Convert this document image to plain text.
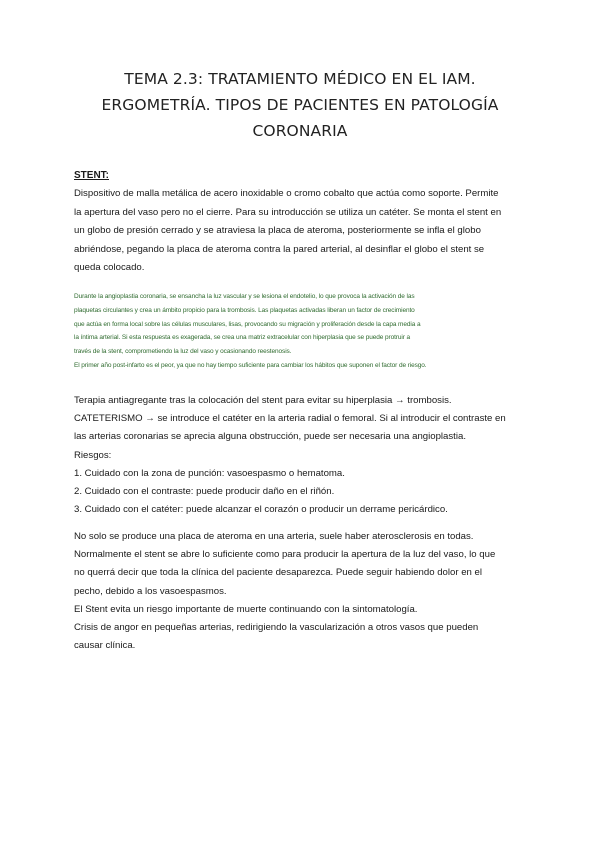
TEMA 2.3: TRATAMIENTO MÉDICO EN EL IAM.
ERGOMETRÍA. TIPOS DE PACIENTES EN PATOLOGÍA
CORONARIA
STENT:
Dispositivo de malla metálica de acero inoxidable o cromo cobalto que actúa como soporte. Permite
la apertura del vaso pero no el cierre. Para su introducción se utiliza un catéter. Se monta el stent en
un globo de presión cerrado y se atraviesa la placa de ateroma, posteriormente se infla el globo
abriéndose, pegando la placa de ateroma contra la pared arterial, al desinflar el globo el stent se
queda colocado.
Durante la angioplastia coronaria, se ensancha la luz vascular y se lesiona el endotelio, lo que provoca la activación de las
plaquetas circulantes y crea un ámbito propicio para la trombosis. Las plaquetas activadas liberan un factor de crecimiento
que actúa en forma local sobre las células musculares, lisas, provocando su migración y proliferación desde la capa media a
la íntima arterial. Si esta respuesta es exagerada, se crea una matriz extracelular con hiperplasia que se puede protruir a
través de la stent, comprometiendo la luz del vaso y ocasionando reestenosis.
El primer año post-infarto es el peor, ya que no hay tiempo suficiente para cambiar los hábitos que suponen el factor de riesgo.
Terapia antiagregante tras la colocación del stent para evitar su hiperplasia → trombosis.
CATETERISMO → se introduce el catéter en la arteria radial o femoral. Si al introducir el contraste en
las arterias coronarias se aprecia alguna obstrucción, puede ser necesaria una angioplastia.
Riesgos:
1. Cuidado con la zona de punción: vasoespasmo o hematoma.
2. Cuidado con el contraste: puede producir daño en el riñón.
3. Cuidado con el catéter: puede alcanzar el corazón o producir un derrame pericárdico.
No solo se produce una placa de ateroma en una arteria, suele haber aterosclerosis en todas.
Normalmente el stent se abre lo suficiente como para producir la apertura de la luz del vaso, lo que
no querrá decir que toda la clínica del paciente desaparezca. Puede seguir habiendo dolor en el
pecho, debido a los vasoespasmos.
El Stent evita un riesgo importante de muerte continuando con la sintomatología.
Crisis de angor en pequeñas arterias, redirigiendo la vascularización a otros vasos que pueden
causar clínica.
